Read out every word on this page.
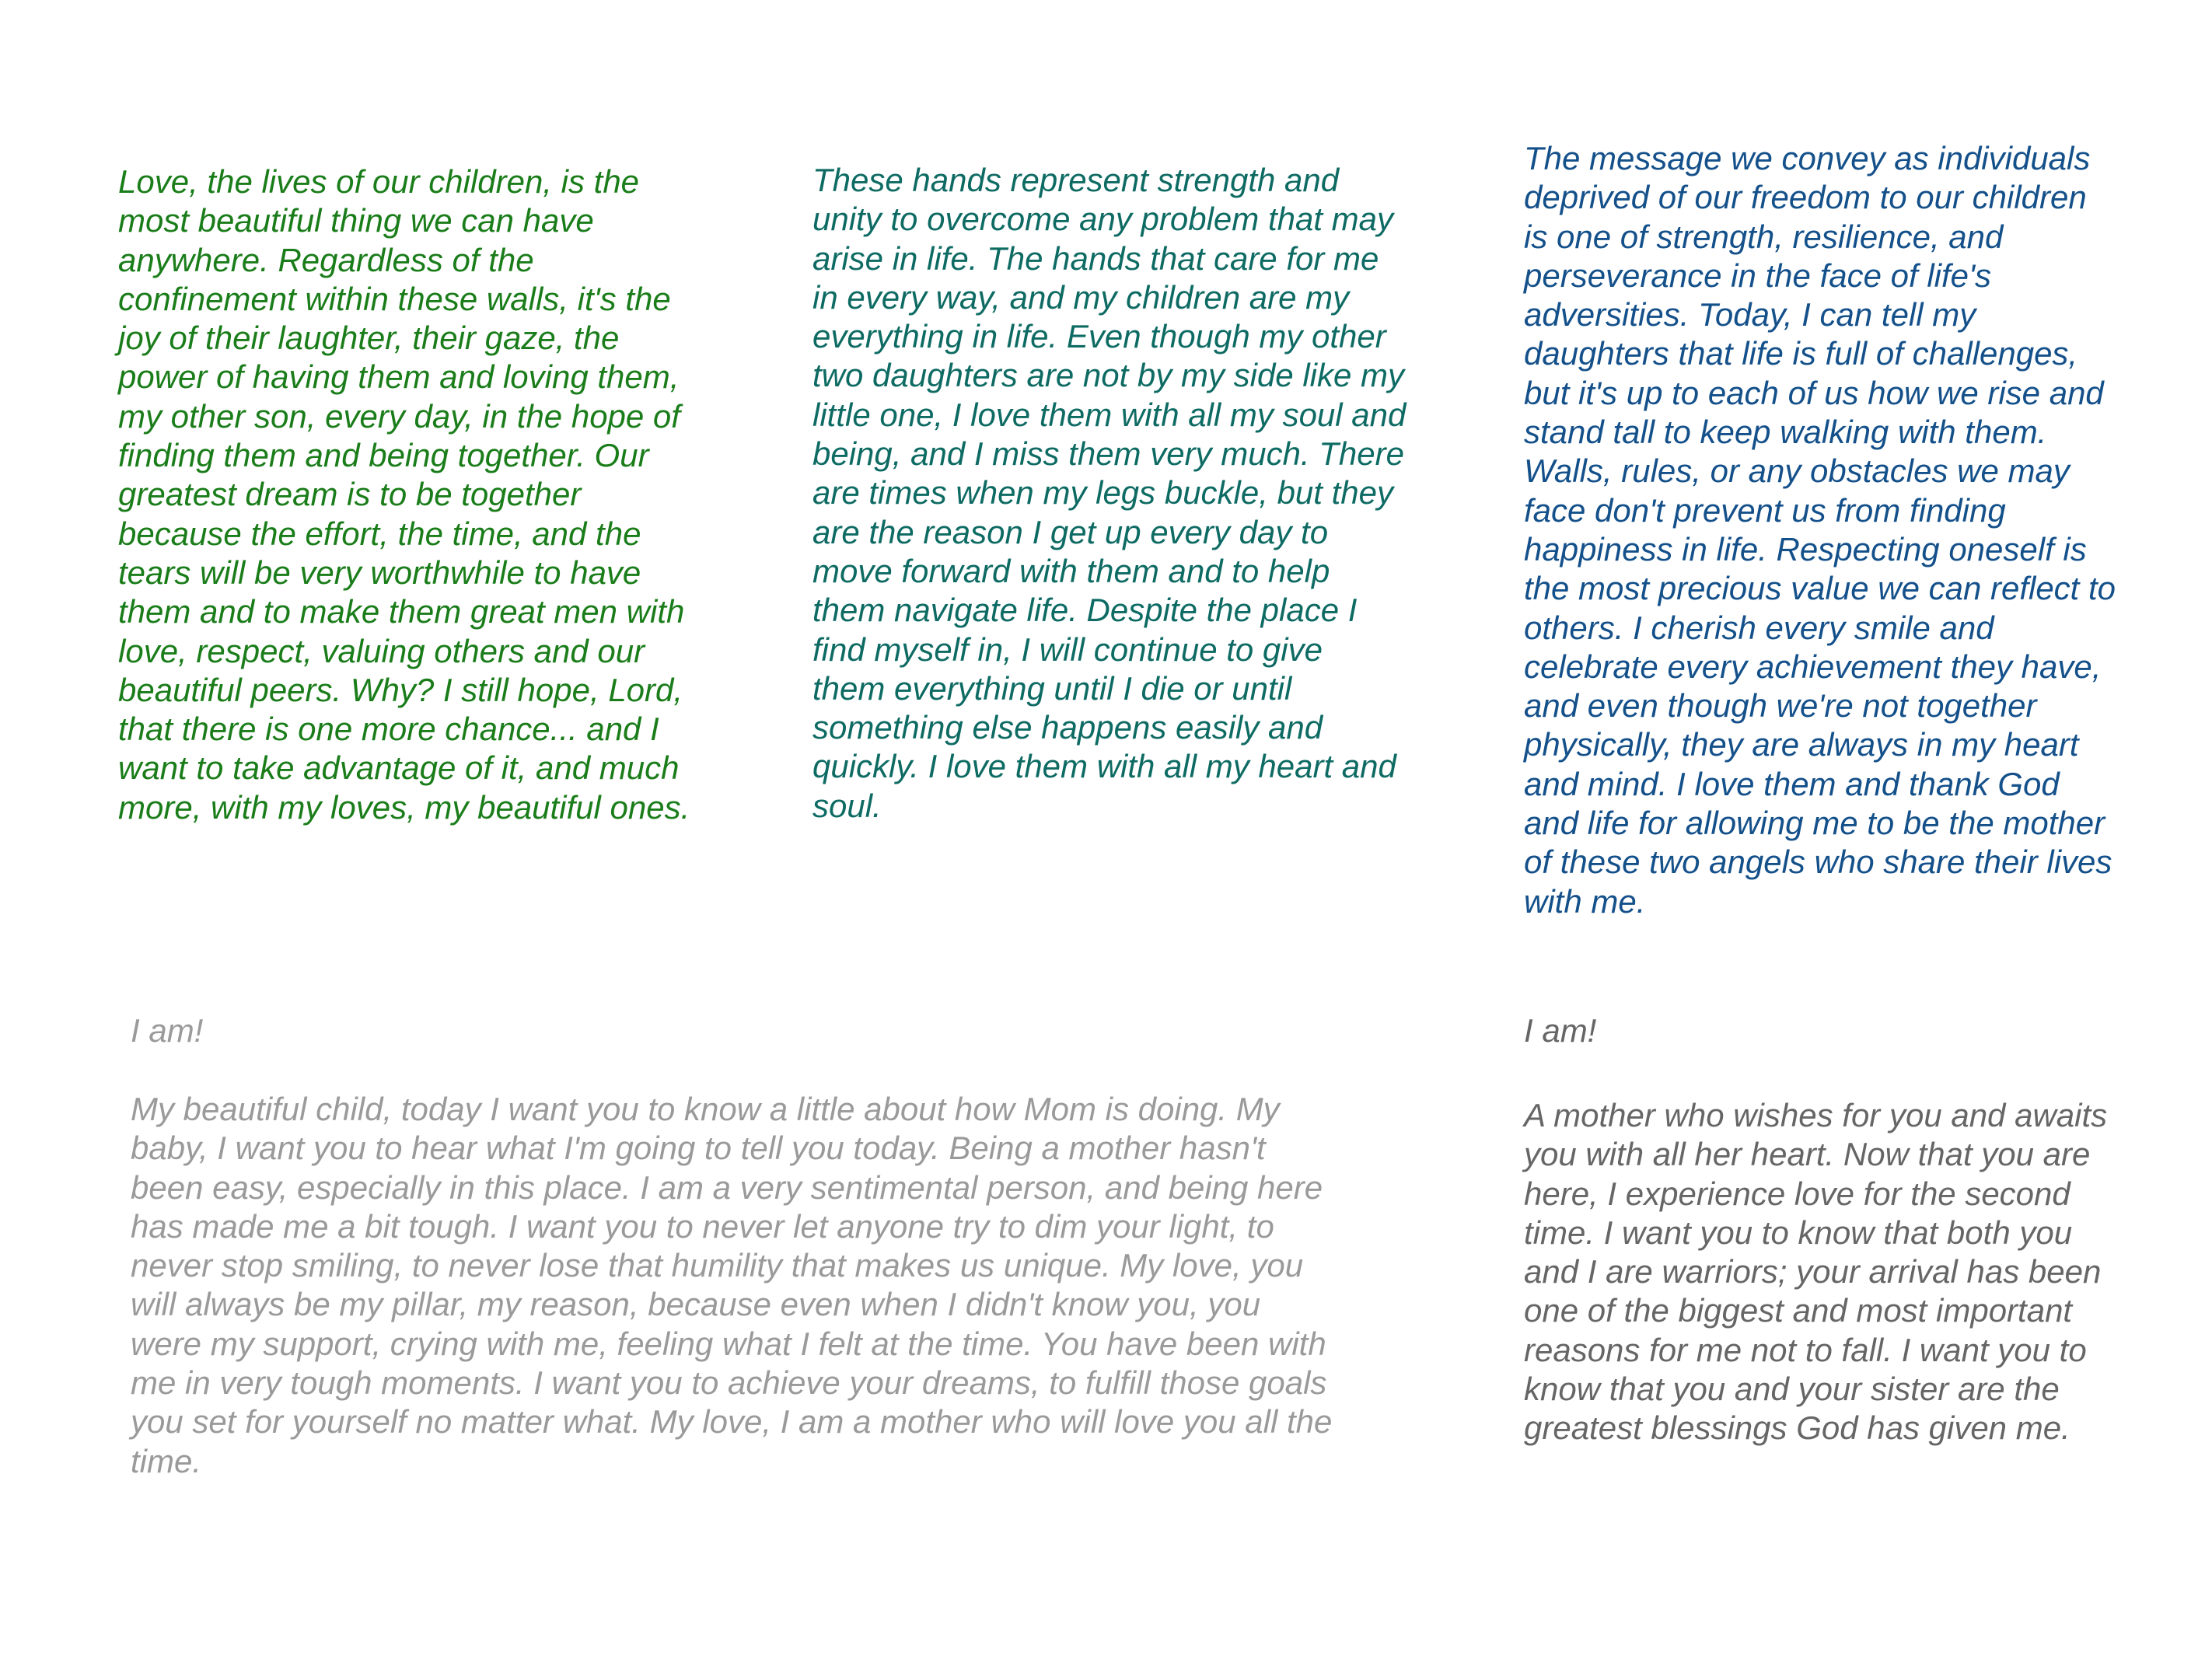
Love, the lives of our children, is the
most beautiful thing we can have
anywhere. Regardless of the
confinement within these walls, it's the
joy of their laughter, their gaze, the
power of having them and loving them,
my other son, every day, in the hope of
finding them and being together. Our
greatest dream is to be together
because the effort, the time, and the
tears will be very worthwhile to have
them and to make them great men with
love, respect, valuing others and our
beautiful peers. Why? I still hope, Lord,
that there is one more chance... and I
want to take advantage of it, and much
more, with my loves, my beautiful ones.

These hands represent strength and
unity to overcome any problem that may
arise in life. The hands that care for me
in every way, and my children are my
everything in life. Even though my other
two daughters are not by my side like my
little one, I love them with all my soul and
being, and I miss them very much. There
are times when my legs buckle, but they
are the reason I get up every day to
move forward with them and to help
them navigate life. Despite the place I
find myself in, I will continue to give
them everything until I die or until
something else happens easily and
quickly. I love them with all my heart and
soul.

The message we convey as individuals
deprived of our freedom to our children
is one of strength, resilience, and
perseverance in the face of life's
adversities. Today, I can tell my
daughters that life is full of challenges,
but it's up to each of us how we rise and
stand tall to keep walking with them.
Walls, rules, or any obstacles we may
face don't prevent us from finding
happiness in life. Respecting oneself is
the most precious value we can reflect to
others. I cherish every smile and
celebrate every achievement they have,
and even though we're not together
physically, they are always in my heart
and mind. I love them and thank God
and life for allowing me to be the mother
of these two angels who share their lives
with me.

I am!

My beautiful child, today I want you to know a little about how Mom is doing. My
baby, I want you to hear what I'm going to tell you today. Being a mother hasn't
been easy, especially in this place. I am a very sentimental person, and being here
has made me a bit tough. I want you to never let anyone try to dim your light, to
never stop smiling, to never lose that humility that makes us unique. My love, you
will always be my pillar, my reason, because even when I didn't know you, you
were my support, crying with me, feeling what I felt at the time. You have been with
me in very tough moments. I want you to achieve your dreams, to fulfill those goals
you set for yourself no matter what. My love, I am a mother who will love you all the
time.

I am!

A mother who wishes for you and awaits
you with all her heart. Now that you are
here, I experience love for the second
time. I want you to know that both you
and I are warriors; your arrival has been
one of the biggest and most important
reasons for me not to fall. I want you to
know that you and your sister are the
greatest blessings God has given me.
